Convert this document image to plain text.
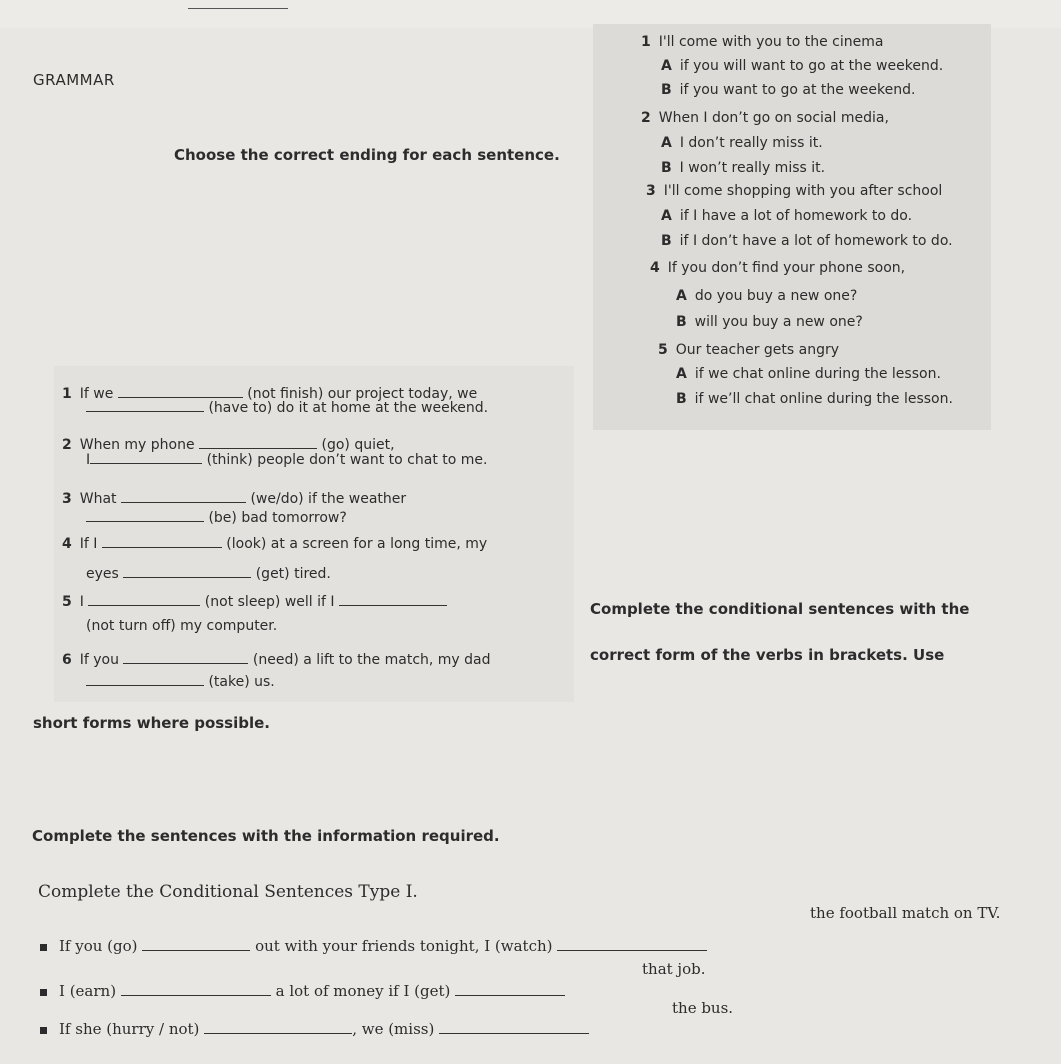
GRAMMAR
Choose the correct ending for each sentence.
1 I'll come with you to the cinema
A if you will want to go at the weekend.
B if you want to go at the weekend.
2 When I don’t go on social media,
A I don’t really miss it.
B I won’t really miss it.
3 I'll come shopping with you after school
A if I have a lot of homework to do.
B if I don’t have a lot of homework to do.
4 If you don’t find your phone soon,
A do you buy a new one?
B will you buy a new one?
5 Our teacher gets angry
A if we chat online during the lesson.
B if we’ll chat online during the lesson.
1 If we	(not finish) our project today, we
(have to) do it at home at the weekend.
2 When my phone	(go) quiet,
I	(think) people don’t want to chat to me.
3 What	(we/do) if the weather
(be) bad tomorrow?
4 If I	(look) at a screen for a long time, my
eyes	(get) tired.
5 I	(not sleep) well if I
(not turn off) my computer.
6 If you	(need) a lift to the match, my dad
(take) us.
Complete the conditional sentences with the
correct form of the verbs in brackets. Use
short forms where possible.
Complete the sentences with the information required.
Complete the Conditional Sentences Type I.
If you (go)	out with your friends tonight, I (watch)
the football match on TV.
I (earn)	a lot of money if I (get)
that job.
If she (hurry / not)	, we (miss)
the bus.
